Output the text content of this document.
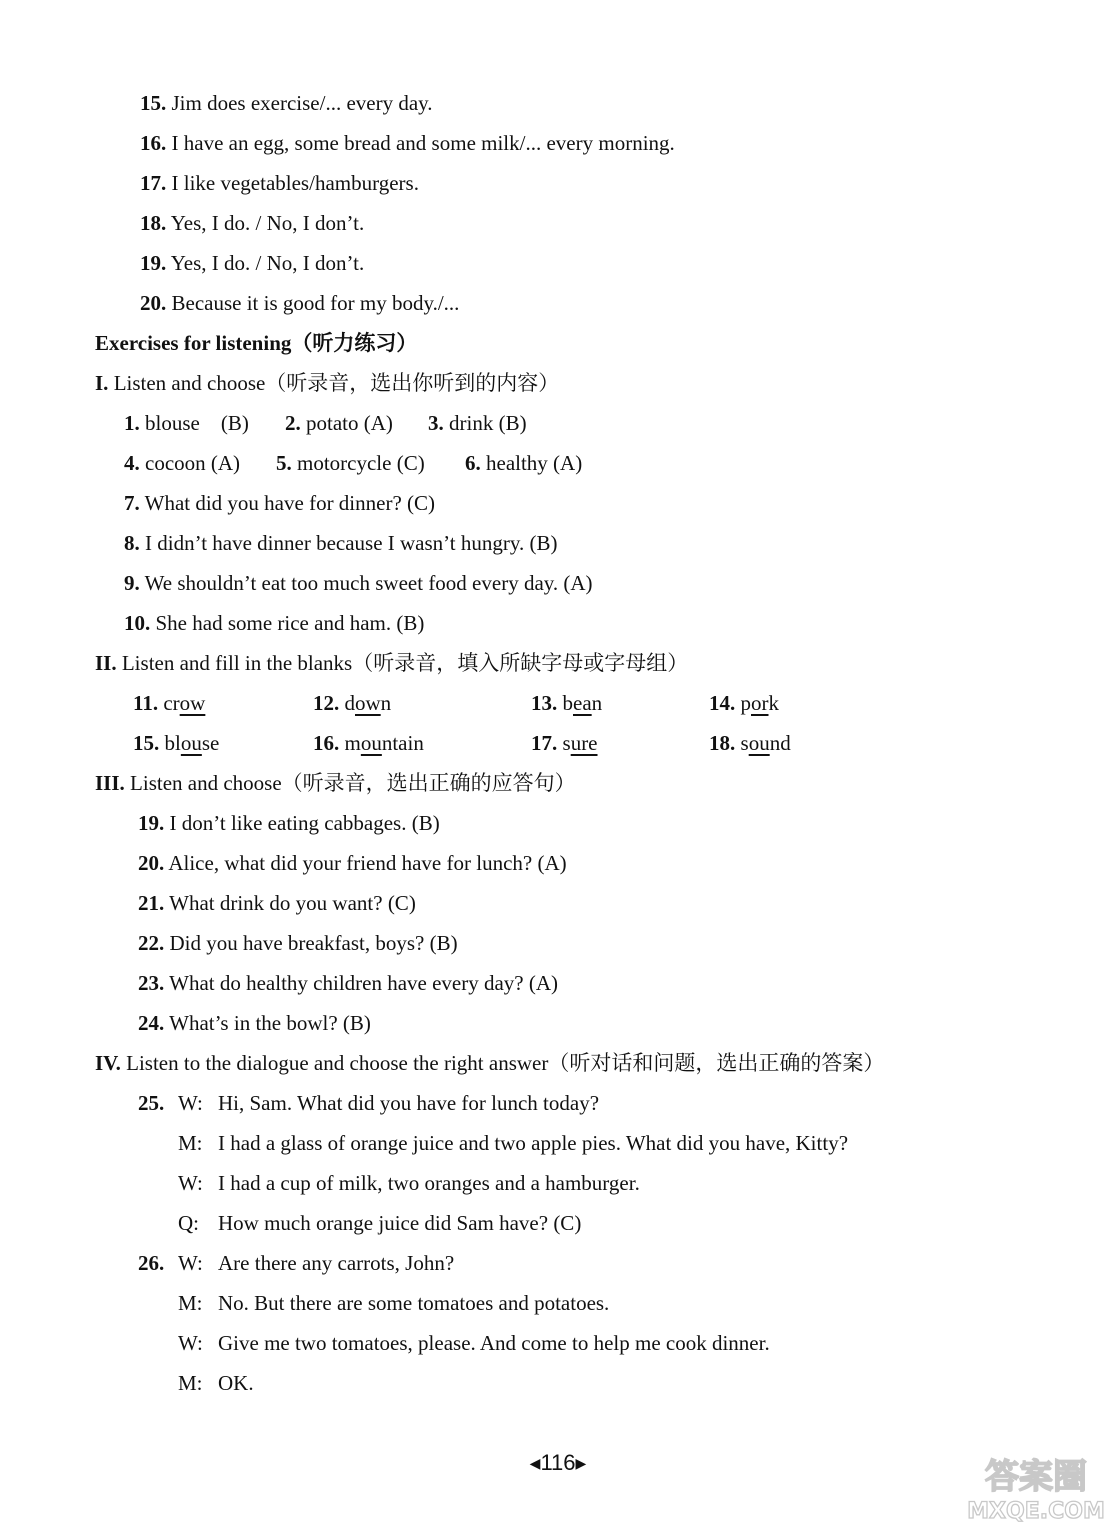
15. Jim does exercise/... every day.
16. I have an egg, some bread and some milk/... every morning.
17. I like vegetables/hamburgers.
18. Yes, I do. / No, I don’t.
19. Yes, I do. / No, I don’t.
20. Because it is good for my body./...
Exercises for listening（听力练习）
I. Listen and choose（听录音，选出你听到的内容）
1. blouse　(B) 2. potato (A) 3. drink (B)
4. cocoon (A) 5. motorcycle (C) 6. healthy (A)
7. What did you have for dinner? (C)
8. I didn’t have dinner because I wasn’t hungry. (B)
9. We shouldn’t eat too much sweet food every day. (A)
10. She had some rice and ham. (B)
II. Listen and fill in the blanks（听录音，填入所缺字母或字母组）
11. crow	12. down	13. bean	14. pork
15. blouse	16. mountain	17. sure	18. sound
III. Listen and choose（听录音，选出正确的应答句）
19. I don’t like eating cabbages. (B)
20. Alice, what did your friend have for lunch? (A)
21. What drink do you want? (C)
22. Did you have breakfast, boys? (B)
23. What do healthy children have every day? (A)
24. What’s in the bowl? (B)
IV. Listen to the dialogue and choose the right answer（听对话和问题，选出正确的答案）
25. W: Hi, Sam. What did you have for lunch today?
M: I had a glass of orange juice and two apple pies. What did you have, Kitty?
W: I had a cup of milk, two oranges and a hamburger.
Q: How much orange juice did Sam have? (C)
26. W: Are there any carrots, John?
M: No. But there are some tomatoes and potatoes.
W: Give me two tomatoes, please. And come to help me cook dinner.
M: OK.
◀116▶	答案圈
MXQE.COM
